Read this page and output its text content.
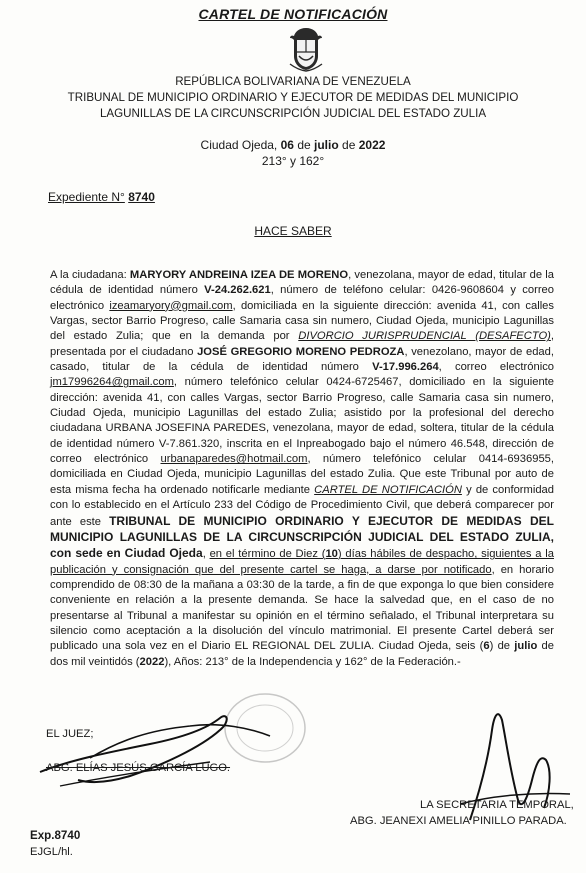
CARTEL DE NOTIFICACIÓN
REPÚBLICA BOLIVARIANA DE VENEZUELA
TRIBUNAL DE MUNICIPIO ORDINARIO Y EJECUTOR DE MEDIDAS DEL MUNICIPIO
LAGUNILLAS DE LA CIRCUNSCRIPCIÓN JUDICIAL DEL ESTADO ZULIA
Ciudad Ojeda, 06 de julio de 2022
213° y 162°
Expediente N° 8740
HACE SABER
A la ciudadana: MARYORY ANDREINA IZEA DE MORENO, venezolana, mayor de edad, titular de la cédula de identidad número V-24.262.621, número de teléfono celular: 0426-9608604 y correo electrónico izeamaryory@gmail.com, domiciliada en la siguiente dirección: avenida 41, con calles Vargas, sector Barrio Progreso, calle Samaria casa sin numero, Ciudad Ojeda, municipio Lagunillas del estado Zulia; que en la demanda por DIVORCIO JURISPRUDENCIAL (DESAFECTO), presentada por el ciudadano JOSÉ GREGORIO MORENO PEDROZA, venezolano, mayor de edad, casado, titular de la cédula de identidad número V-17.996.264, correo electrónico jm17996264@gmail.com, número telefónico celular 0424-6725467, domiciliado en la siguiente dirección: avenida 41, con calles Vargas, sector Barrio Progreso, calle Samaria casa sin numero, Ciudad Ojeda, municipio Lagunillas del estado Zulia; asistido por la profesional del derecho ciudadana URBANA JOSEFINA PAREDES, venezolana, mayor de edad, soltera, titular de la cédula de identidad número V-7.861.320, inscrita en el Inpreabogado bajo el número 46.548, dirección de correo electrónico urbanaparedes@hotmail.com, número telefónico celular 0414-6936955, domiciliada en Ciudad Ojeda, municipio Lagunillas del estado Zulia. Que este Tribunal por auto de esta misma fecha ha ordenado notificarle mediante CARTEL DE NOTIFICACIÓN y de conformidad con lo establecido en el Artículo 233 del Código de Procedimiento Civil, que deberá comparecer por ante este TRIBUNAL DE MUNICIPIO ORDINARIO Y EJECUTOR DE MEDIDAS DEL MUNICIPIO LAGUNILLAS DE LA CIRCUNSCRIPCIÓN JUDICIAL DEL ESTADO ZULIA, con sede en Ciudad Ojeda, en el término de Diez (10) días hábiles de despacho, siguientes a la publicación y consignación que del presente cartel se haga, a darse por notificado, en horario comprendido de 08:30 de la mañana a 03:30 de la tarde, a fin de que exponga lo que bien considere conveniente en relación a la presente demanda. Se hace la salvedad que, en el caso de no presentarse al Tribunal a manifestar su opinión en el término señalado, el Tribunal interpretara su silencio como aceptación a la disolución del vínculo matrimonial. El presente Cartel deberá ser publicado una sola vez en el Diario EL REGIONAL DEL ZULIA. Ciudad Ojeda, seis (6) de julio de dos mil veintidós (2022), Años: 213° de la Independencia y 162° de la Federación.-
EL JUEZ;
ABG. ELÍAS JESÚS GARCÍA LUGO.
LA SECRETARIA TEMPORAL,
ABG. JEANEXI AMELIA PINILLO PARADA.
Exp.8740
EJGL/hl.
